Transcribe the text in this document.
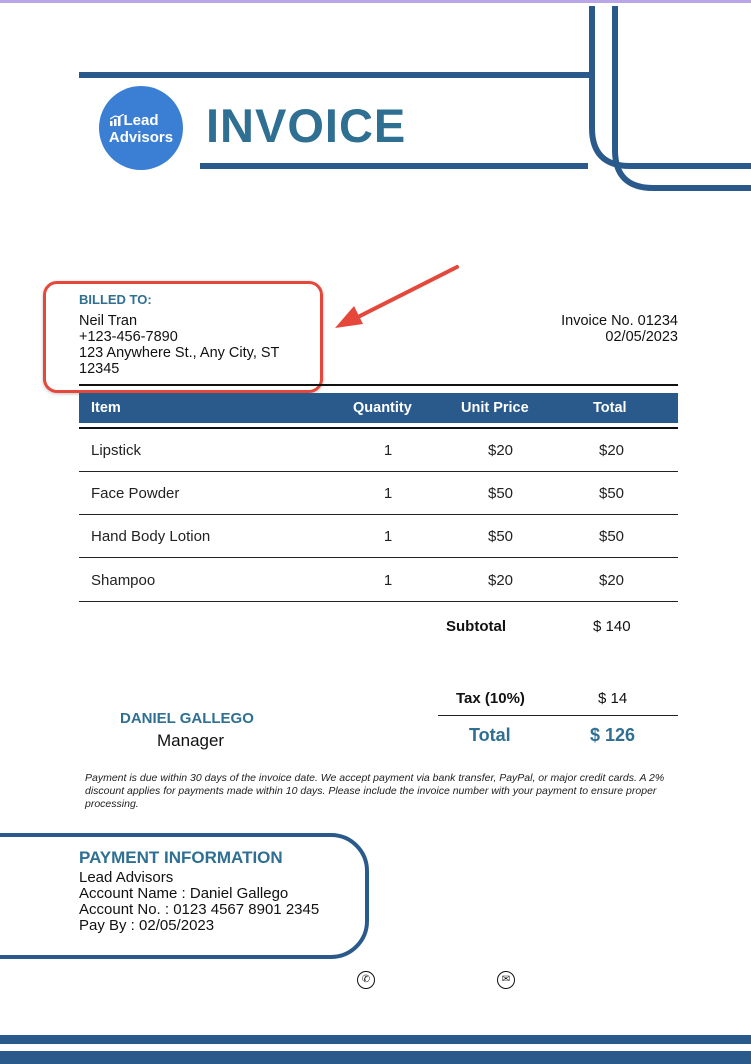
Lead
Advisors INVOICE
BILLED TO:
Neil Tran
+123-456-7890
123 Anywhere St., Any City, ST
12345
Invoice No. 01234
02/05/2023
Item	Quantity	Unit Price	Total
Lipstick	1	$20	$20
Face Powder	1	$50	$50
Hand Body Lotion	1	$50	$50
Shampoo	1	$20	$20
Subtotal	$ 140
Tax (10%)	$ 14
Total	$ 126
DANIEL GALLEGO
Manager
Payment is due within 30 days of the invoice date. We accept payment via bank transfer, PayPal, or major credit cards. A 2% discount applies for payments made within 10 days. Please include the invoice number with your payment to ensure proper processing.
PAYMENT INFORMATION
Lead Advisors
Account Name : Daniel Gallego
Account No. : 0123 4567 8901 2345
Pay By : 02/05/2023
✆	✉
